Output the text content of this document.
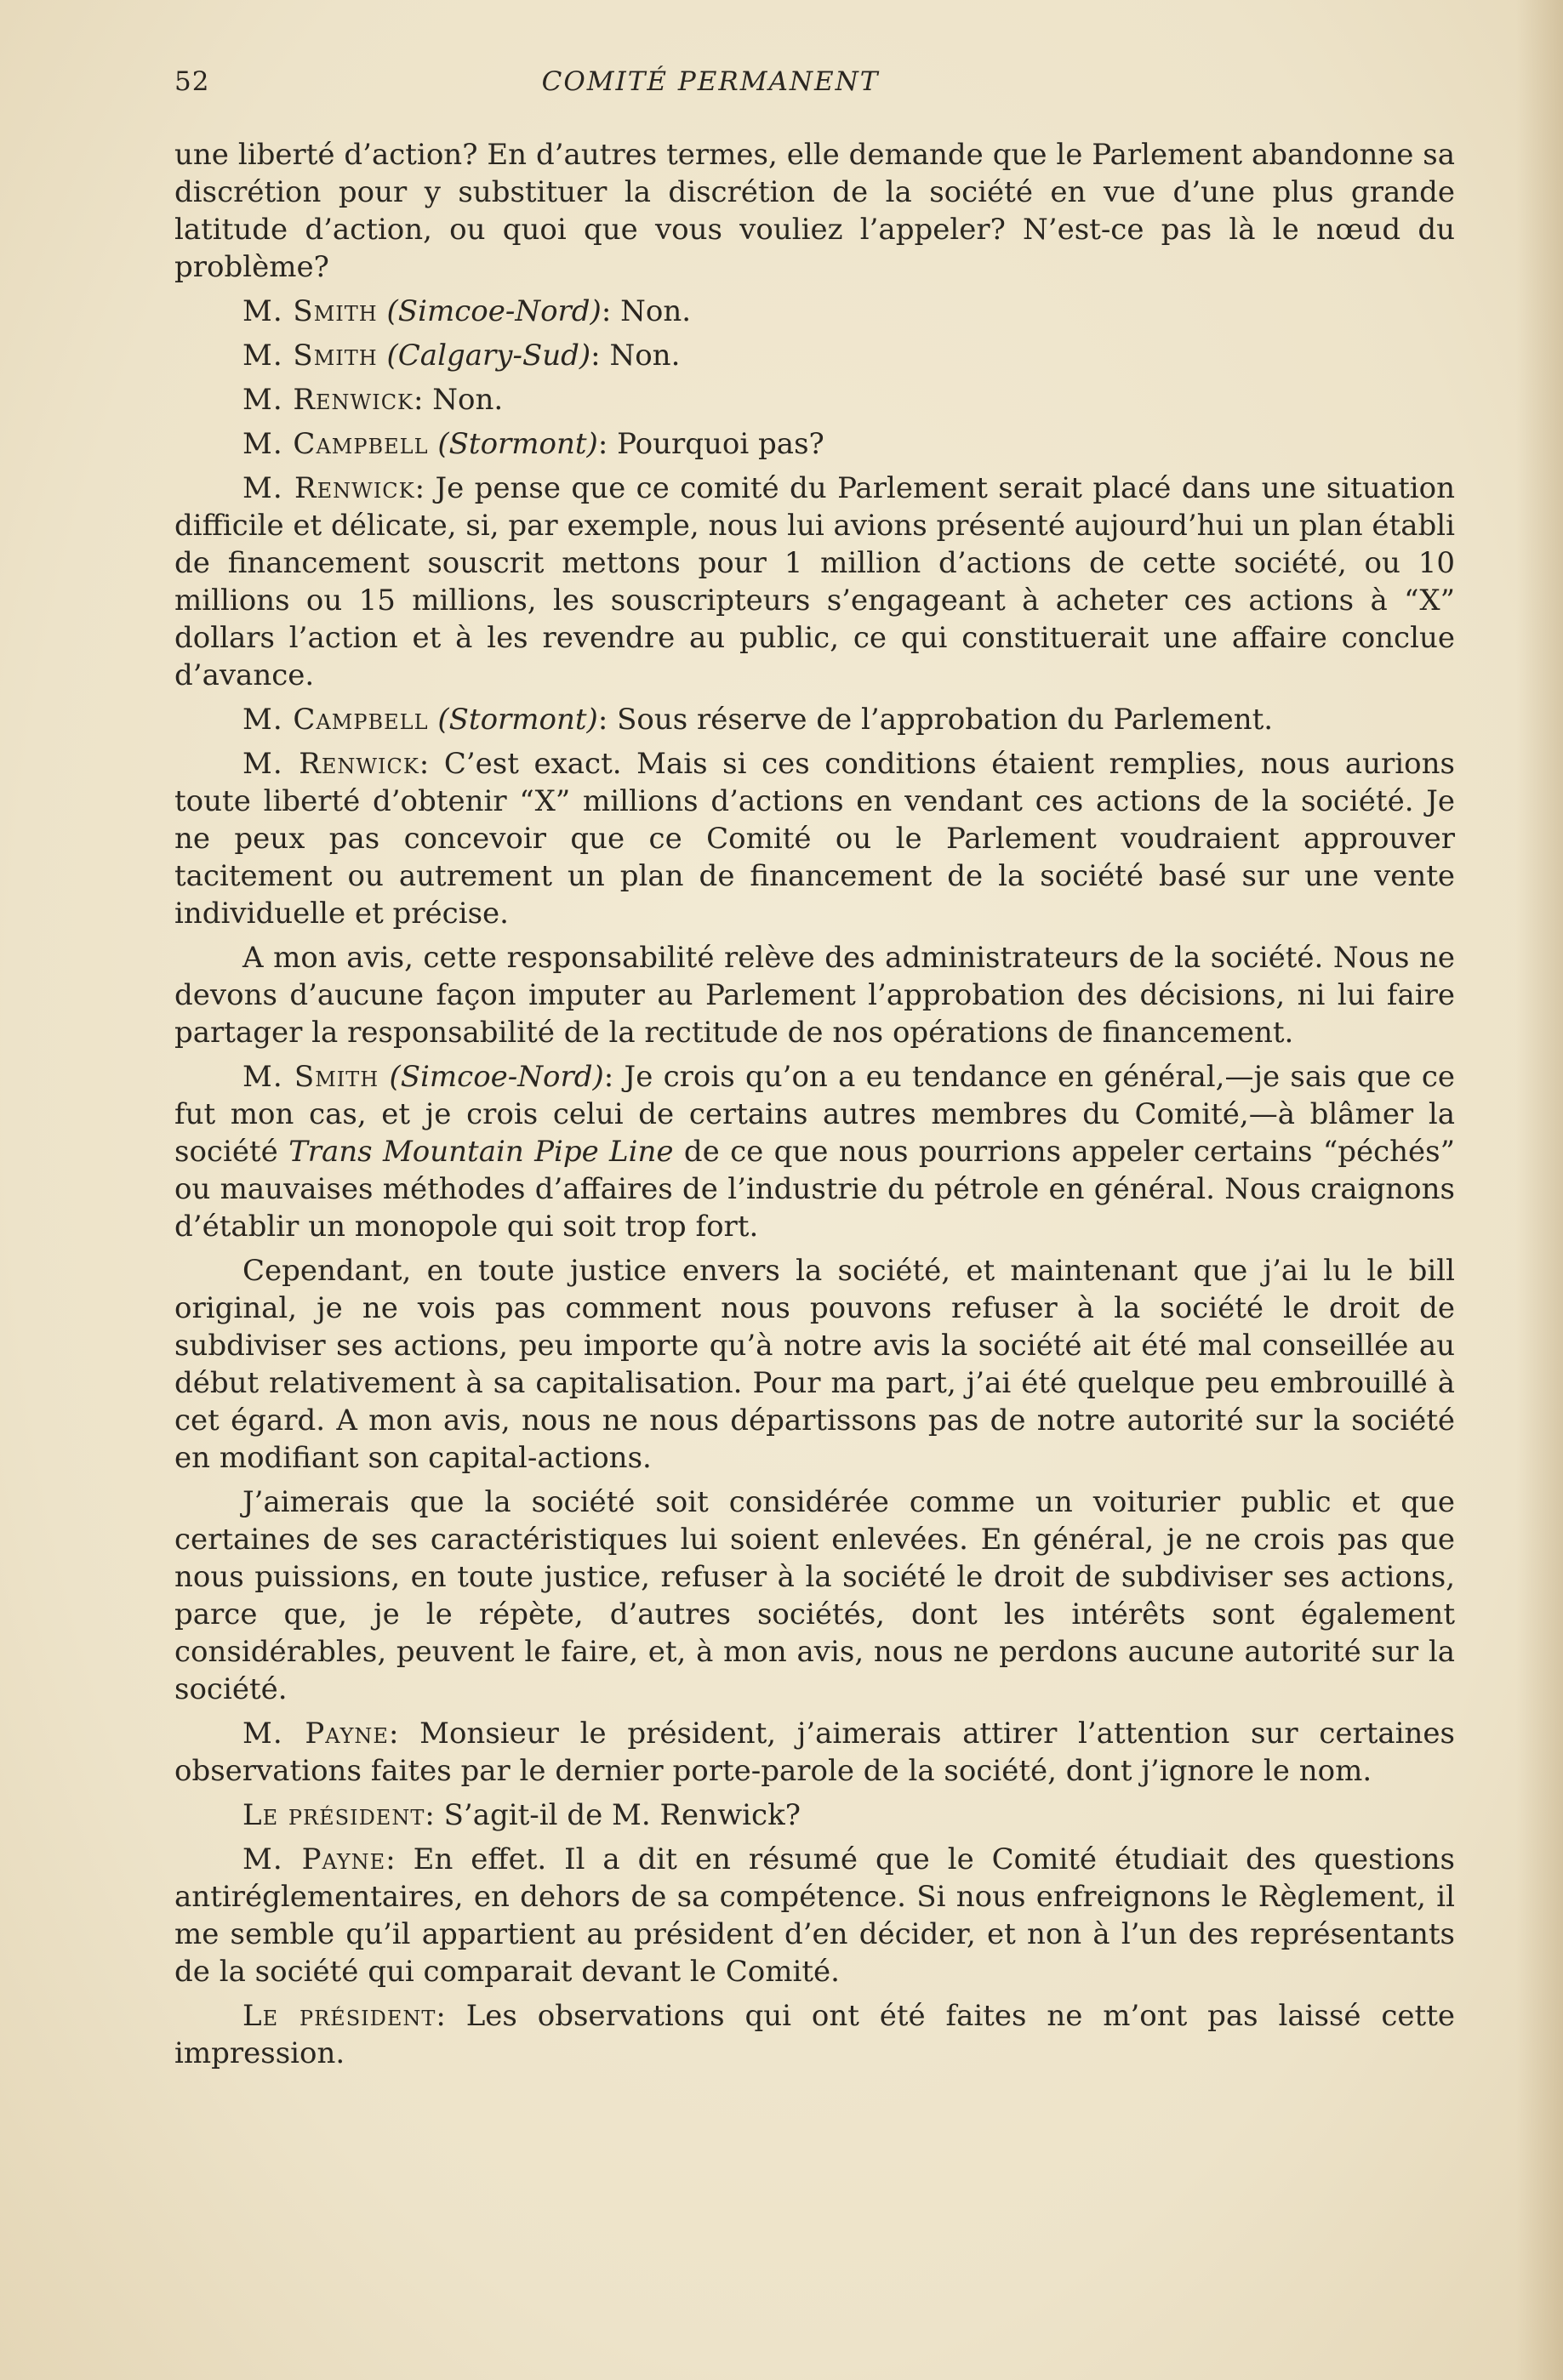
52	COMITÉ PERMANENT

une liberté d’action? En d’autres termes, elle demande que le Parlement abandonne sa discrétion pour y substituer la discrétion de la société en vue d’une plus grande latitude d’action, ou quoi que vous vouliez l’appeler? N’est-ce pas là le nœud du problème?

M. Smith (Simcoe-Nord): Non.

M. Smith (Calgary-Sud): Non.

M. Renwick: Non.

M. Campbell (Stormont): Pourquoi pas?

M. Renwick: Je pense que ce comité du Parlement serait placé dans une situation difficile et délicate, si, par exemple, nous lui avions présenté aujourd’hui un plan établi de financement souscrit mettons pour 1 million d’actions de cette société, ou 10 millions ou 15 millions, les souscripteurs s’engageant à acheter ces actions à “X” dollars l’action et à les revendre au public, ce qui constituerait une affaire conclue d’avance.

M. Campbell (Stormont): Sous réserve de l’approbation du Parlement.

M. Renwick: C’est exact. Mais si ces conditions étaient remplies, nous aurions toute liberté d’obtenir “X” millions d’actions en vendant ces actions de la société. Je ne peux pas concevoir que ce Comité ou le Parlement voudraient approuver tacitement ou autrement un plan de financement de la société basé sur une vente individuelle et précise.

A mon avis, cette responsabilité relève des administrateurs de la société. Nous ne devons d’aucune façon imputer au Parlement l’approbation des décisions, ni lui faire partager la responsabilité de la rectitude de nos opérations de financement.

M. Smith (Simcoe-Nord): Je crois qu’on a eu tendance en général,—je sais que ce fut mon cas, et je crois celui de certains autres membres du Comité,—à blâmer la société Trans Mountain Pipe Line de ce que nous pourrions appeler certains “péchés” ou mauvaises méthodes d’affaires de l’industrie du pétrole en général. Nous craignons d’établir un monopole qui soit trop fort.

Cependant, en toute justice envers la société, et maintenant que j’ai lu le bill original, je ne vois pas comment nous pouvons refuser à la société le droit de subdiviser ses actions, peu importe qu’à notre avis la société ait été mal conseillée au début relativement à sa capitalisation. Pour ma part, j’ai été quelque peu embrouillé à cet égard. A mon avis, nous ne nous départissons pas de notre autorité sur la société en modifiant son capital-actions.

J’aimerais que la société soit considérée comme un voiturier public et que certaines de ses caractéristiques lui soient enlevées. En général, je ne crois pas que nous puissions, en toute justice, refuser à la société le droit de subdiviser ses actions, parce que, je le répète, d’autres sociétés, dont les intérêts sont également considérables, peuvent le faire, et, à mon avis, nous ne perdons aucune autorité sur la société.

M. Payne: Monsieur le président, j’aimerais attirer l’attention sur certaines observations faites par le dernier porte-parole de la société, dont j’ignore le nom.

Le président: S’agit-il de M. Renwick?

M. Payne: En effet. Il a dit en résumé que le Comité étudiait des questions antiréglementaires, en dehors de sa compétence. Si nous enfreignons le Règlement, il me semble qu’il appartient au président d’en décider, et non à l’un des représentants de la société qui comparait devant le Comité.

Le président: Les observations qui ont été faites ne m’ont pas laissé cette impression.
